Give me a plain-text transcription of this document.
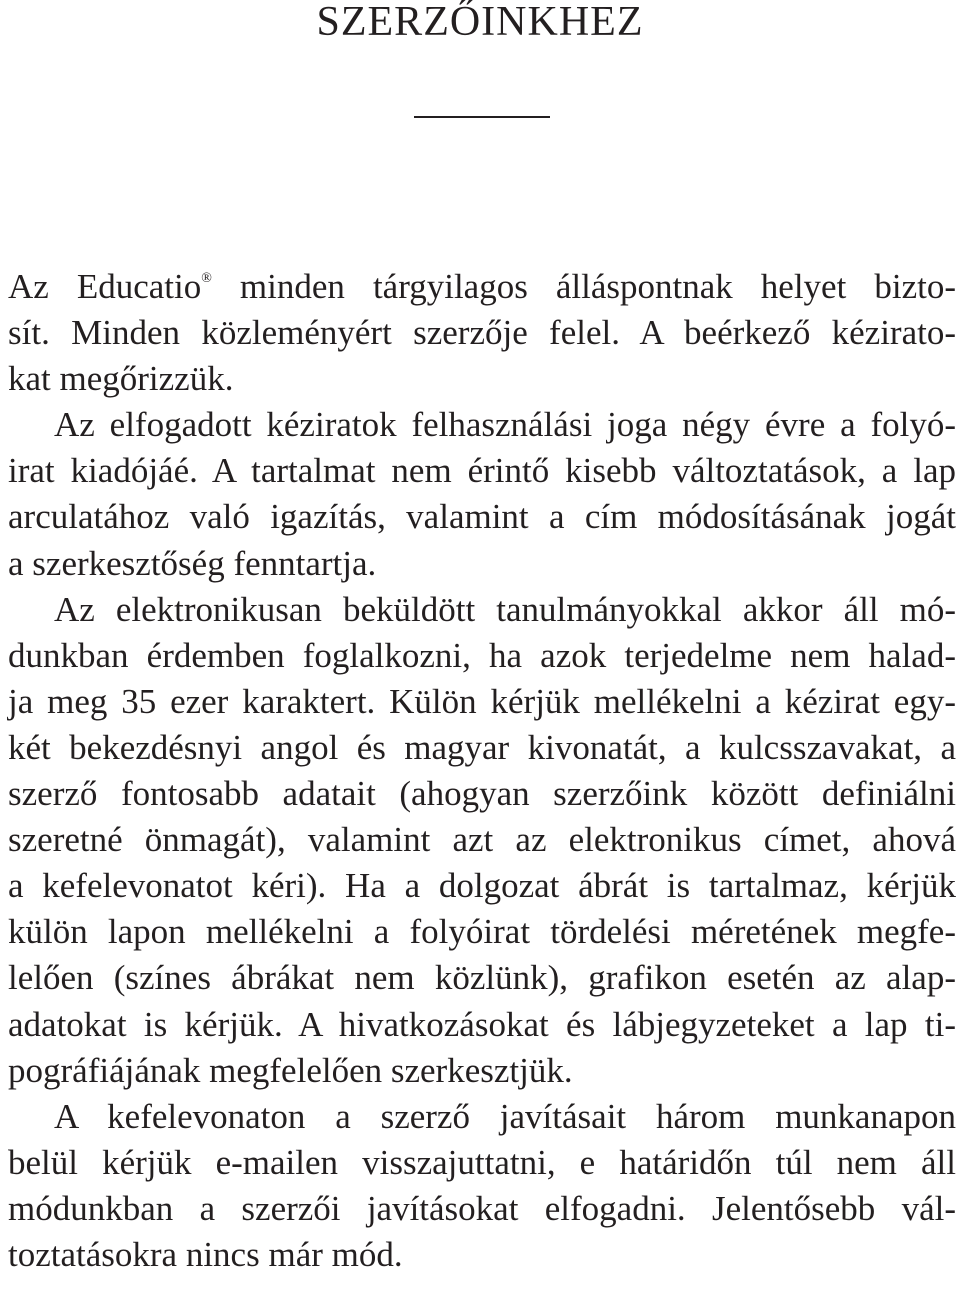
SZERZŐINKHEZ
Az Educatio® minden tárgyilagos álláspontnak helyet bizto-
sít. Minden közleményért szerzője felel. A beérkező kézirato-
kat megőrizzük.
Az elfogadott kéziratok felhasználási joga négy évre a folyó-
irat kiadójáé. A tartalmat nem érintő kisebb változtatások, a lap
arculatához való igazítás, valamint a cím módosításának jogát
a szerkesztőség fenntartja.
Az elektronikusan beküldött tanulmányokkal akkor áll mó-
dunkban érdemben foglalkozni, ha azok terjedelme nem halad-
ja meg 35 ezer karaktert. Külön kérjük mellékelni a kézirat egy-
két bekezdésnyi angol és magyar kivonatát, a kulcsszavakat, a
szerző fontosabb adatait (ahogyan szerzőink között definiálni
szeretné önmagát), valamint azt az elektronikus címet, ahová
a kefelevonatot kéri). Ha a dolgozat ábrát is tartalmaz, kérjük
külön lapon mellékelni a folyóirat tördelési méretének megfe-
lelően (színes ábrákat nem közlünk), grafikon esetén az alap-
adatokat is kérjük. A hivatkozásokat és lábjegyzeteket a lap ti-
pográfiájának megfelelően szerkesztjük.
A kefelevonaton a szerző javításait három munkanapon
belül kérjük e-mailen visszajuttatni, e határidőn túl nem áll
módunkban a szerzői javításokat elfogadni. Jelentősebb vál-
toztatásokra nincs már mód.
